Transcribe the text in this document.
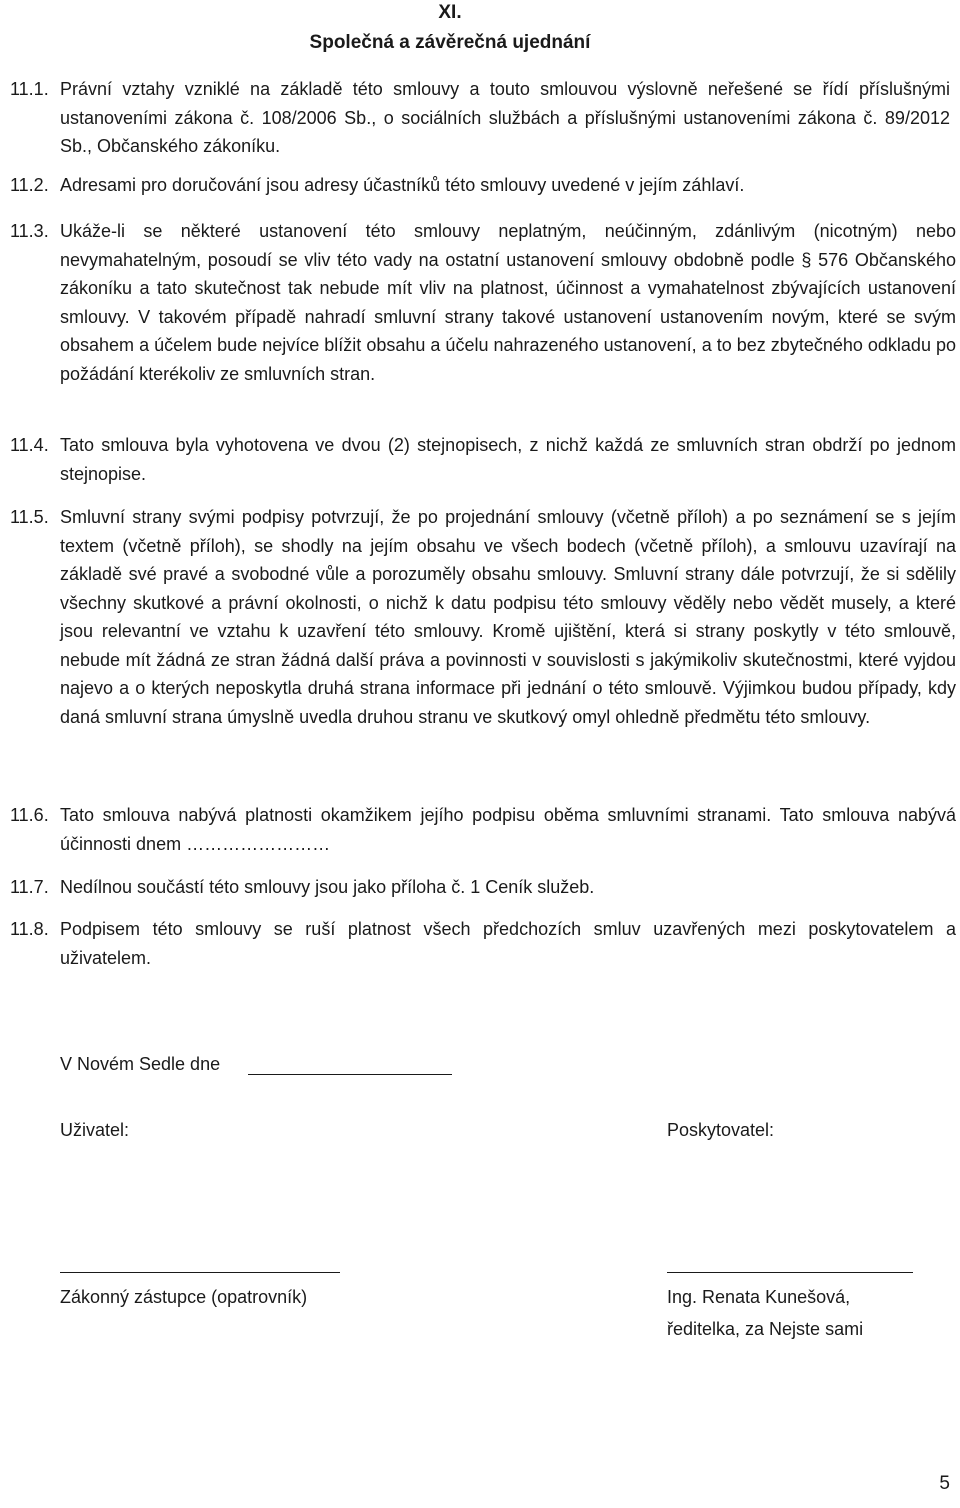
XI.
Společná a závěrečná ujednání
11.1. Právní vztahy vzniklé na základě této smlouvy a touto smlouvou výslovně neřešené se řídí příslušnými ustanoveními zákona č. 108/2006 Sb., o sociálních službách a příslušnými ustanoveními zákona č. 89/2012 Sb., Občanského zákoníku.

11.2. Adresami pro doručování jsou adresy účastníků této smlouvy uvedené v jejím záhlaví.

11.3. Ukáže-li se některé ustanovení této smlouvy neplatným, neúčinným, zdánlivým (nicotným) nebo nevymahatelným, posoudí se vliv této vady na ostatní ustanovení smlouvy obdobně podle § 576 Občanského zákoníku a tato skutečnost tak nebude mít vliv na platnost, účinnost a vymahatelnost zbývajících ustanovení smlouvy. V takovém případě nahradí smluvní strany takové ustanovení ustanovením novým, které se svým obsahem a účelem bude nejvíce blížit obsahu a účelu nahrazeného ustanovení, a to bez zbytečného odkladu po požádání kterékoliv ze smluvních stran.

11.4. Tato smlouva byla vyhotovena ve dvou (2) stejnopisech, z nichž každá ze smluvních stran obdrží po jednom stejnopise.

11.5. Smluvní strany svými podpisy potvrzují, že po projednání smlouvy (včetně příloh) a po seznámení se s jejím textem (včetně příloh), se shodly na jejím obsahu ve všech bodech (včetně příloh), a smlouvu uzavírají na základě své pravé a svobodné vůle a porozuměly obsahu smlouvy. Smluvní strany dále potvrzují, že si sdělily všechny skutkové a právní okolnosti, o nichž k datu podpisu této smlouvy věděly nebo vědět musely, a které jsou relevantní ve vztahu k uzavření této smlouvy. Kromě ujištění, která si strany poskytly v této smlouvě, nebude mít žádná ze stran žádná další práva a povinnosti v souvislosti s jakýmikoliv skutečnostmi, které vyjdou najevo a o kterých neposkytla druhá strana informace při jednání o této smlouvě. Výjimkou budou případy, kdy daná smluvní strana úmyslně uvedla druhou stranu ve skutkový omyl ohledně předmětu této smlouvy.

11.6. Tato smlouva nabývá platnosti okamžikem jejího podpisu oběma smluvními stranami. Tato smlouva nabývá účinnosti dnem ……………………

11.7. Nedílnou součástí této smlouvy jsou jako příloha č. 1 Ceník služeb.

11.8. Podpisem této smlouvy se ruší platnost všech předchozích smluv uzavřených mezi poskytovatelem a uživatelem.

V Novém Sedle dne
Uživatel:	Poskytovatel:
Zákonný zástupce (opatrovník)	Ing. Renata Kunešová,
ředitelka, za Nejste sami
5
